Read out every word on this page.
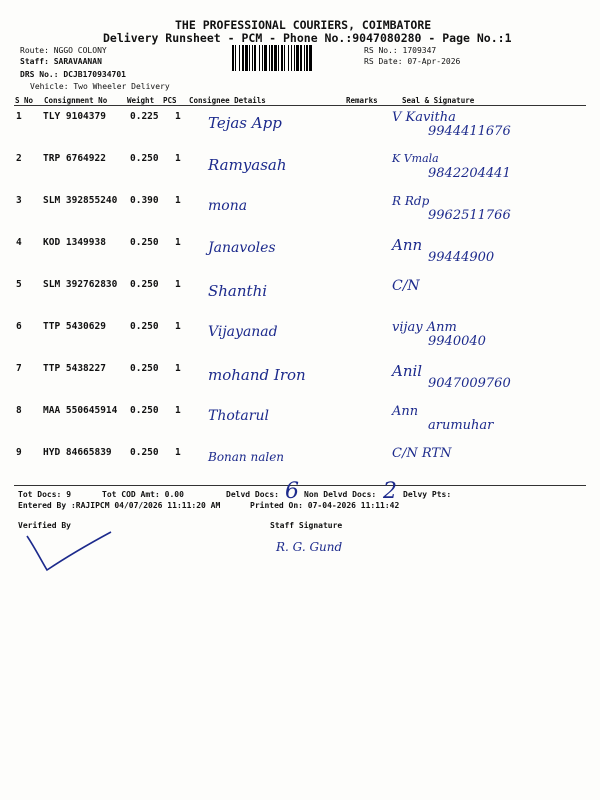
THE PROFESSIONAL COURIERS, COIMBATORE
Delivery Runsheet - PCM - Phone No.:9047080280 - Page No.:1
Route: NGGO COLONY
Staff: SARAVAANAN
DRS No.: DCJB170934701
Vehicle: Two Wheeler Delivery
RS No.: 1709347
RS Date: 07-Apr-2026
S No Consignment No	Weight PCS Consignee Details	Remarks	Seal & Signature
1 TLY 9104379	0.225 1 Tejas App	V Kavitha
9944411676
2 TRP 6764922	0.250 1 Ramyasah	K Vmala
9842204441
3 SLM 392855240 0.390 1 mona	R Rdp
9962511766
4 KOD 1349938	0.250 1 Janavoles	Ann
99444900
5 SLM 392762830 0.250 1 Shanthi	C/N
6 TTP 5430629	0.250 1 Vijayanad	vijay Anm
9940040
7 TTP 5438227	0.250 1 mohand Iron	Anil
9047009760
8 MAA 550645914 0.250 1 Thotarul	Ann
arumuhar
9 HYD 84665839 0.250 1 Bonan nalen	C/N RTN
Tot Docs: 9	Tot COD Amt: 0.00	Delvd Docs: 6 Non Delvd Docs: 2 Delvy Pts:
Entered By :RAJIPCM 04/07/2026 11:11:20 AM	Printed On: 07-04-2026 11:11:42
Verified By	Staff Signature
R. G. Gund
